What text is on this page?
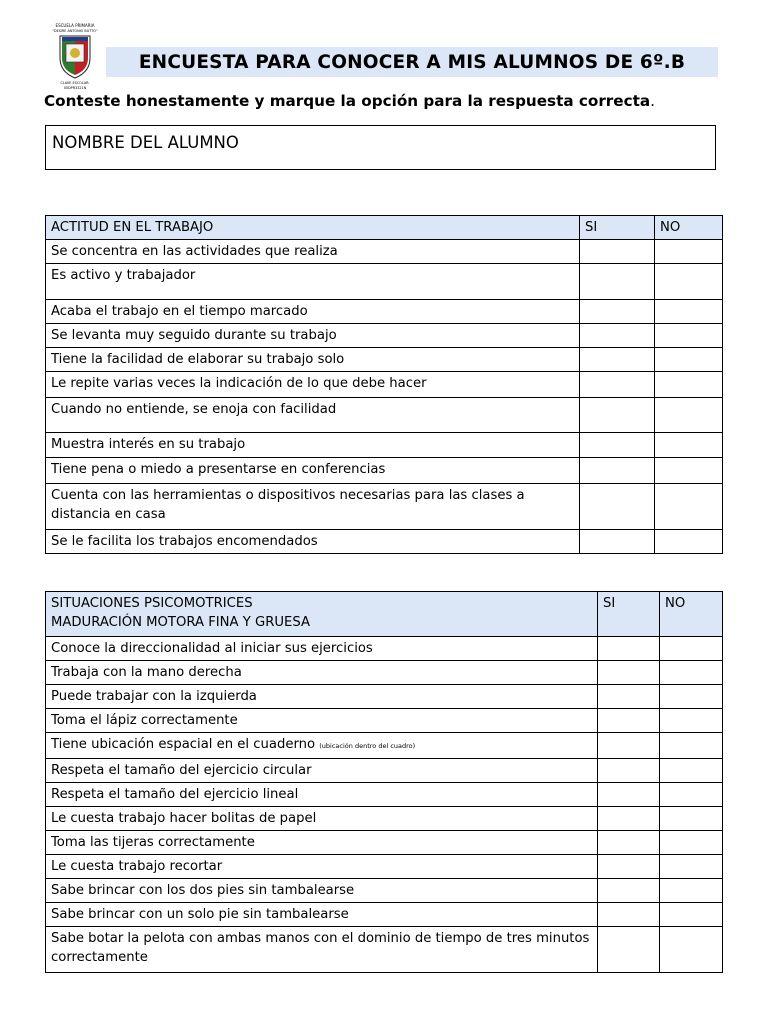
ESCUELA PRIMARIA
"DESIRE ANTONIO BUTTO"
CLAVE ESCOLAR:
00DPR3321N
ENCUESTA PARA CONOCER A MIS ALUMNOS DE 6º.B
Conteste honestamente y marque la opción para la respuesta correcta.
NOMBRE DEL ALUMNO
ACTITUD EN EL TRABAJO	SI	NO
Se concentra en las actividades que realiza		
Es activo y trabajador		
Acaba el trabajo en el tiempo marcado		
Se levanta muy seguido durante su trabajo		
Tiene la facilidad de elaborar su trabajo solo		
Le repite varias veces la indicación de lo que debe hacer		
Cuando no entiende, se enoja con facilidad		
Muestra interés en su trabajo		
Tiene pena o miedo a presentarse en conferencias		
Cuenta con las herramientas o dispositivos necesarias para las clases a distancia en casa		
Se le facilita los trabajos encomendados		
SITUACIONES PSICOMOTRICES
MADURACIÓN MOTORA FINA Y GRUESA	SI	NO
Conoce la direccionalidad al iniciar sus ejercicios		
Trabaja con la mano derecha		
Puede trabajar con la izquierda		
Toma el lápiz correctamente		
Tiene ubicación espacial en el cuaderno (ubicación dentro del cuadro)		
Respeta el tamaño del ejercicio circular		
Respeta el tamaño del ejercicio lineal		
Le cuesta trabajo hacer bolitas de papel		
Toma las tijeras correctamente		
Le cuesta trabajo recortar		
Sabe brincar con los dos pies sin tambalearse		
Sabe brincar con un solo pie sin tambalearse		
Sabe botar la pelota con ambas manos con el dominio de tiempo de tres minutos correctamente		
